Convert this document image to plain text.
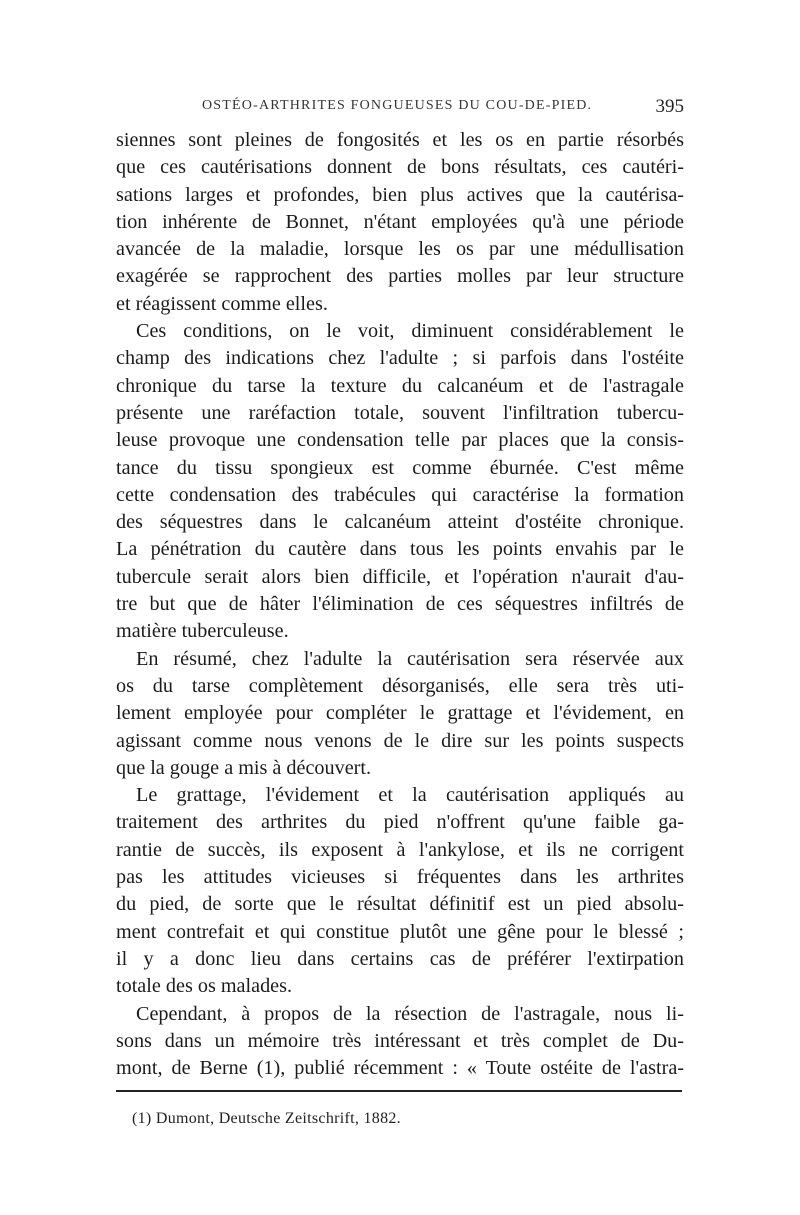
OSTÉO-ARTHRITES FONGUEUSES DU COU-DE-PIED.	395
siennes sont pleines de fongosités et les os en partie résorbés
que ces cautérisations donnent de bons résultats, ces cautéri-
sations larges et profondes, bien plus actives que la cautérisa-
tion inhérente de Bonnet, n'étant employées qu'à une période
avancée de la maladie, lorsque les os par une médullisation
exagérée se rapprochent des parties molles par leur structure
et réagissent comme elles.
Ces conditions, on le voit, diminuent considérablement le
champ des indications chez l'adulte ; si parfois dans l'ostéite
chronique du tarse la texture du calcanéum et de l'astragale
présente une raréfaction totale, souvent l'infiltration tubercu-
leuse provoque une condensation telle par places que la consis-
tance du tissu spongieux est comme éburnée. C'est même
cette condensation des trabécules qui caractérise la formation
des séquestres dans le calcanéum atteint d'ostéite chronique.
La pénétration du cautère dans tous les points envahis par le
tubercule serait alors bien difficile, et l'opération n'aurait d'au-
tre but que de hâter l'élimination de ces séquestres infiltrés de
matière tuberculeuse.
En résumé, chez l'adulte la cautérisation sera réservée aux
os du tarse complètement désorganisés, elle sera très uti-
lement employée pour compléter le grattage et l'évidement, en
agissant comme nous venons de le dire sur les points suspects
que la gouge a mis à découvert.
Le grattage, l'évidement et la cautérisation appliqués au
traitement des arthrites du pied n'offrent qu'une faible ga-
rantie de succès, ils exposent à l'ankylose, et ils ne corrigent
pas les attitudes vicieuses si fréquentes dans les arthrites
du pied, de sorte que le résultat définitif est un pied absolu-
ment contrefait et qui constitue plutôt une gêne pour le blessé ;
il y a donc lieu dans certains cas de préférer l'extirpation
totale des os malades.
Cependant, à propos de la résection de l'astragale, nous li-
sons dans un mémoire très intéressant et très complet de Du-
mont, de Berne (1), publié récemment : « Toute ostéite de l'astra-
(1) Dumont, Deutsche Zeitschrift, 1882.
